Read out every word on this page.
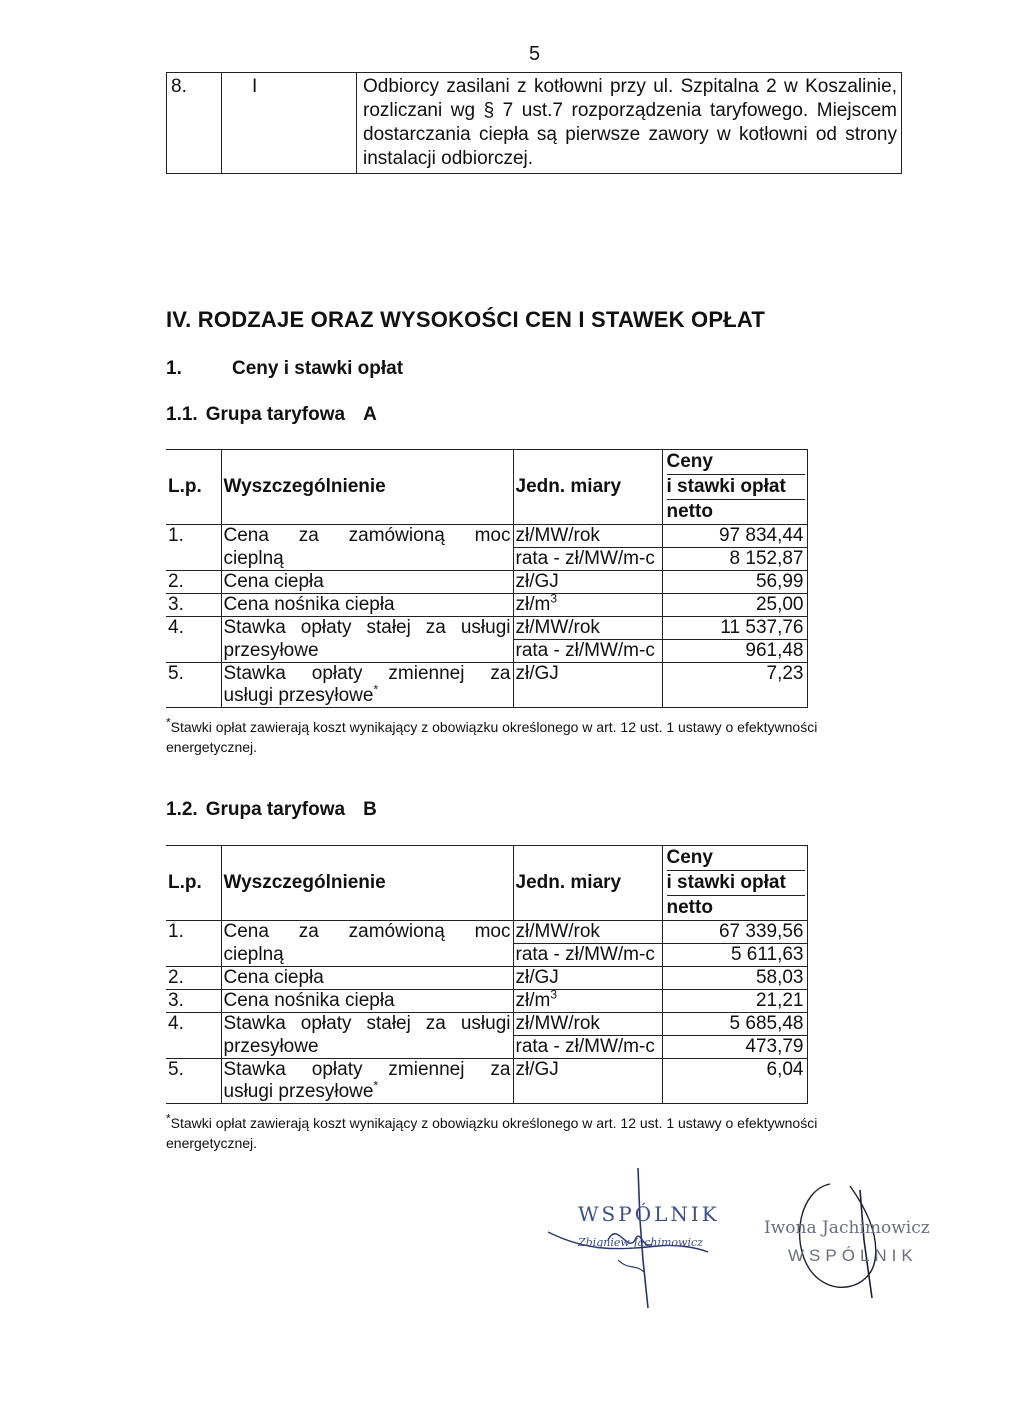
5
8.	I	Odbiorcy zasilani z kotłowni przy ul. Szpitalna 2 w Koszalinie, rozliczani wg § 7 ust.7 rozporządzenia taryfowego. Miejscem dostarczania ciepła są pierwsze zawory w kotłowni od strony instalacji odbiorczej.
IV. RODZAJE ORAZ WYSOKOŚCI CEN I STAWEK OPŁAT
1.	Ceny i stawki opłat
1.1. Grupa taryfowa A
L.p.	Wyszczególnienie	Jedn. miary	Ceny
i stawki opłat
netto

1.	Cena za zamówioną moc	zł/MW/rok	97 834,44
	cieplną	rata - zł/MW/m-c	8 152,87
2.	Cena ciepła	zł/GJ	56,99
3.	Cena nośnika ciepła	$zł/m^3$	25,00
4.	Stawka opłaty stałej za usługi	zł/MW/rok	11 537,76
	przesyłowe	rata - zł/MW/m-c	961,48
5.	Stawka opłaty zmiennej za	zł/GJ	7,23
	usługi przesyłowe*
*Stawki opłat zawierają koszt wynikający z obowiązku określonego w art. 12 ust. 1 ustawy o efektywności energetycznej.
1.2. Grupa taryfowa B
L.p.	Wyszczególnienie	Jedn. miary	Ceny
i stawki opłat
netto

1.	Cena za zamówioną moc	zł/MW/rok	67 339,56
	cieplną	rata - zł/MW/m-c	5 611,63
2.	Cena ciepła	zł/GJ	58,03
3.	Cena nośnika ciepła	$zł/m^3$	21,21
4.	Stawka opłaty stałej za usługi	zł/MW/rok	5 685,48
	przesyłowe	rata - zł/MW/m-c	473,79
5.	Stawka opłaty zmiennej za	zł/GJ	6,04
	usługi przesyłowe*
*Stawki opłat zawierają koszt wynikający z obowiązku określonego w art. 12 ust. 1 ustawy o efektywności energetycznej.
WSPÓLNIK
Zbigniew Jachimowicz
Iwona Jachimowicz
WSPÓLNIK
